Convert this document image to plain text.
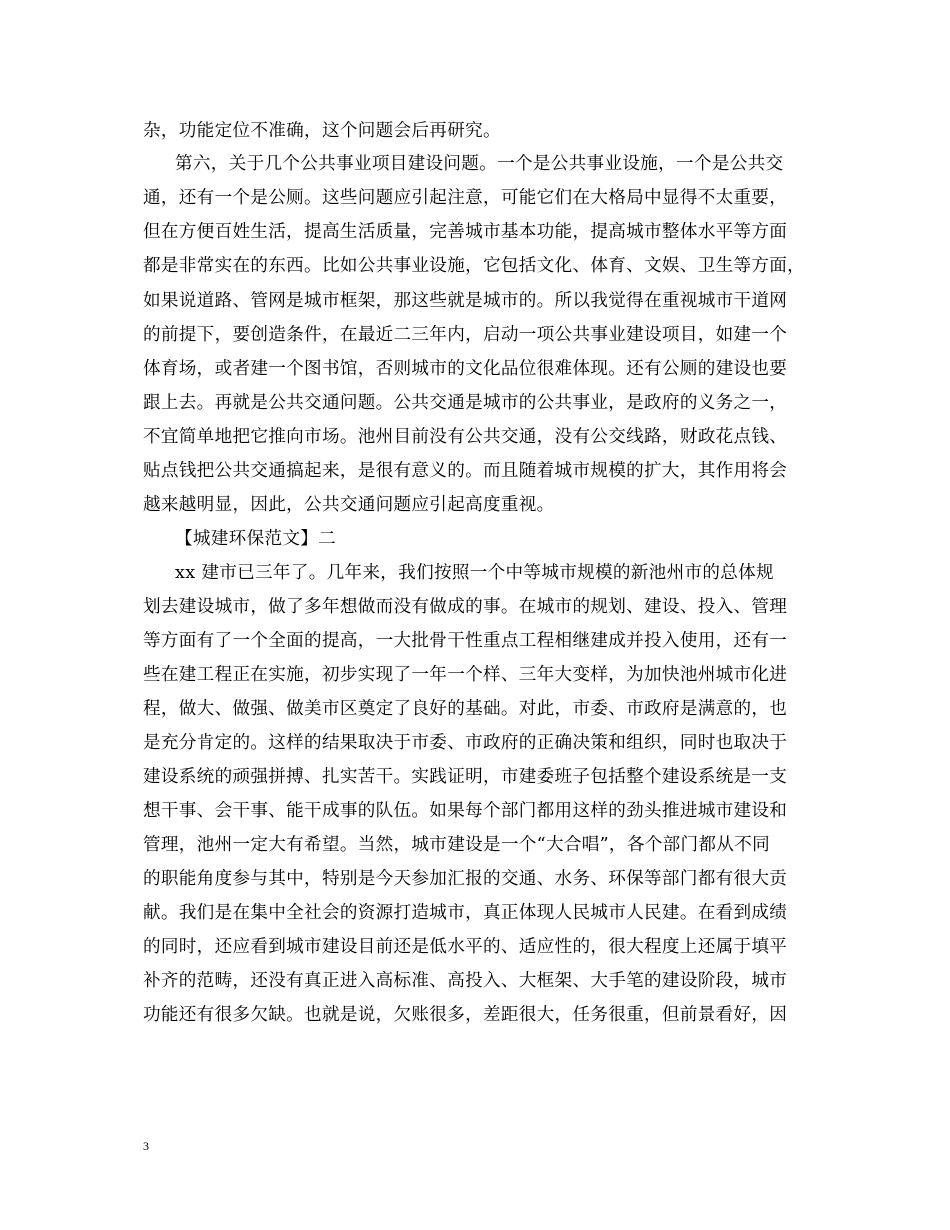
杂，功能定位不准确，这个问题会后再研究。
第六，关于几个公共事业项目建设问题。一个是公共事业设施，一个是公共交
通，还有一个是公厕。这些问题应引起注意，可能它们在大格局中显得不太重要，
但在方便百姓生活，提高生活质量，完善城市基本功能，提高城市整体水平等方面
都是非常实在的东西。比如公共事业设施，它包括文化、体育、文娱、卫生等方面，
如果说道路、管网是城市框架，那这些就是城市的。所以我觉得在重视城市干道网
的前提下，要创造条件，在最近二三年内，启动一项公共事业建设项目，如建一个
体育场，或者建一个图书馆，否则城市的文化品位很难体现。还有公厕的建设也要
跟上去。再就是公共交通问题。公共交通是城市的公共事业，是政府的义务之一，
不宜简单地把它推向市场。池州目前没有公共交通，没有公交线路，财政花点钱、
贴点钱把公共交通搞起来，是很有意义的。而且随着城市规模的扩大，其作用将会
越来越明显，因此，公共交通问题应引起高度重视。
【城建环保范文】二
xx 建市已三年了。几年来，我们按照一个中等城市规模的新池州市的总体规
划去建设城市，做了多年想做而没有做成的事。在城市的规划、建设、投入、管理
等方面有了一个全面的提高，一大批骨干性重点工程相继建成并投入使用，还有一
些在建工程正在实施，初步实现了一年一个样、三年大变样，为加快池州城市化进
程，做大、做强、做美市区奠定了良好的基础。对此，市委、市政府是满意的，也
是充分肯定的。这样的结果取决于市委、市政府的正确决策和组织，同时也取决于
建设系统的顽强拼搏、扎实苦干。实践证明，市建委班子包括整个建设系统是一支
想干事、会干事、能干成事的队伍。如果每个部门都用这样的劲头推进城市建设和
管理，池州一定大有希望。当然，城市建设是一个“大合唱”，各个部门都从不同
的职能角度参与其中，特别是今天参加汇报的交通、水务、环保等部门都有很大贡
献。我们是在集中全社会的资源打造城市，真正体现人民城市人民建。在看到成绩
的同时，还应看到城市建设目前还是低水平的、适应性的，很大程度上还属于填平
补齐的范畴，还没有真正进入高标准、高投入、大框架、大手笔的建设阶段，城市
功能还有很多欠缺。也就是说，欠账很多，差距很大，任务很重，但前景看好，因
3
